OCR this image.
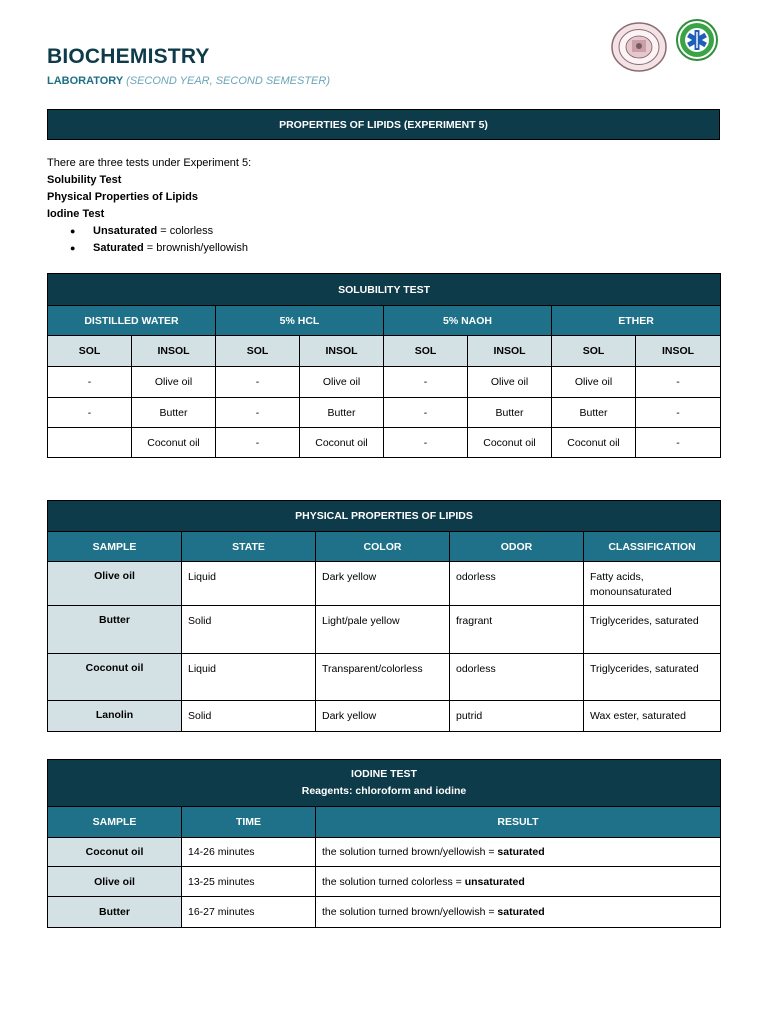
BIOCHEMISTRY
LABORATORY (SECOND YEAR, SECOND SEMESTER)
PROPERTIES OF LIPIDS (EXPERIMENT 5)
There are three tests under Experiment 5:
Solubility Test
Physical Properties of Lipids
Iodine Test
● Unsaturated = colorless
● Saturated = brownish/yellowish
SOLUBILITY TEST							
DISTILLED WATER		5% HCL		5% NAOH		ETHER	
SOL	INSOL	SOL	INSOL	SOL	INSOL	SOL	INSOL
-	Olive oil	-	Olive oil	-	Olive oil	Olive oil	-
-	Butter	-	Butter	-	Butter	Butter	-
	Coconut oil	-	Coconut oil	-	Coconut oil	Coconut oil	-
PHYSICAL PROPERTIES OF LIPIDS				
SAMPLE	STATE	COLOR	ODOR	CLASSIFICATION
Olive oil	Liquid	Dark yellow	odorless	Fatty acids, monounsaturated
Butter	Solid	Light/pale yellow	fragrant	Triglycerides, saturated
Coconut oil	Liquid	Transparent/colorless	odorless	Triglycerides, saturated
Lanolin	Solid	Dark yellow	putrid	Wax ester, saturated
IODINE TEST
Reagents: chloroform and iodine		

SAMPLE	TIME	RESULT
Coconut oil	14-26 minutes	the solution turned brown/yellowish = saturated
Olive oil	13-25 minutes	the solution turned colorless = unsaturated
Butter	16-27 minutes	the solution turned brown/yellowish = saturated
